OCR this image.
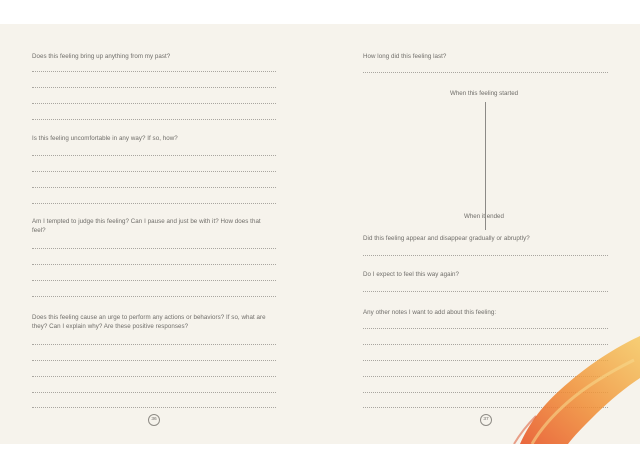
Does this feeling bring up anything from my past?

Is this feeling uncomfortable in any way? If so, how?

Am I tempted to judge this feeling? Can I pause and just be with it? How does that feel?

Does this feeling cause an urge to perform any actions or behaviors? If so, what are they? Can I explain why? Are these positive responses?

36

How long did this feeling last?

When this feeling started
When it ended

Did this feeling appear and disappear gradually or abruptly?

Do I expect to feel this way again?

Any other notes I want to add about this feeling:

37
